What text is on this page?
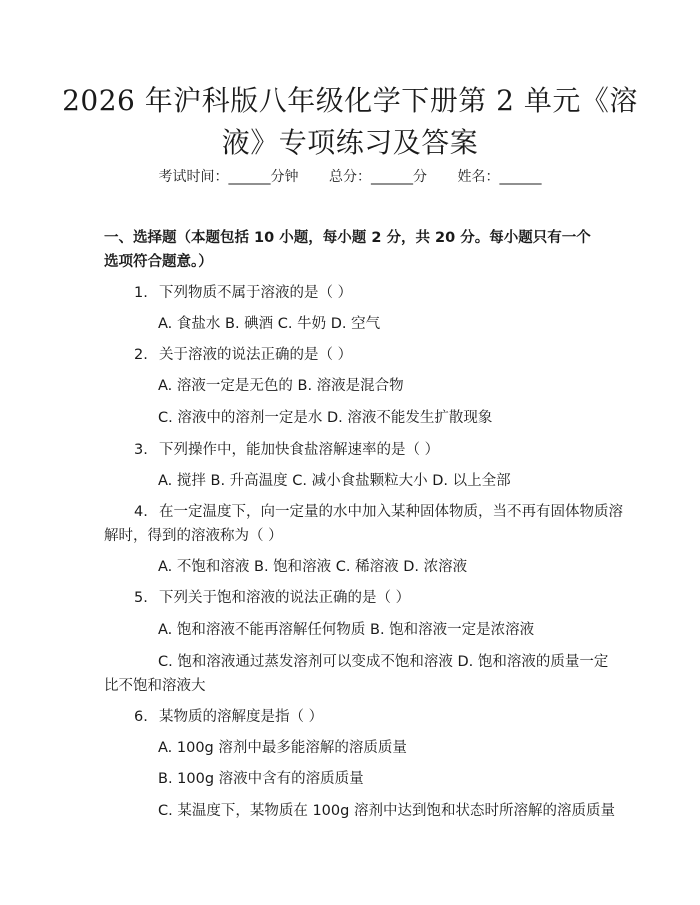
2026 年沪科版八年级化学下册第 2 单元《溶
液》专项练习及答案
考试时间：______分钟 总分：______分 姓名：______
一、选择题（本题包括 10 小题，每小题 2 分，共 20 分。每小题只有一个选项符合题意。）
1. 下列物质不属于溶液的是（ ）
A. 食盐水 B. 碘酒 C. 牛奶 D. 空气
2. 关于溶液的说法正确的是（ ）
A. 溶液一定是无色的 B. 溶液是混合物
C. 溶液中的溶剂一定是水 D. 溶液不能发生扩散现象
3. 下列操作中，能加快食盐溶解速率的是（ ）
A. 搅拌 B. 升高温度 C. 减小食盐颗粒大小 D. 以上全部
4. 在一定温度下，向一定量的水中加入某种固体物质，当不再有固体物质溶
解时，得到的溶液称为（ ）
A. 不饱和溶液 B. 饱和溶液 C. 稀溶液 D. 浓溶液
5. 下列关于饱和溶液的说法正确的是（ ）
A. 饱和溶液不能再溶解任何物质 B. 饱和溶液一定是浓溶液
C. 饱和溶液通过蒸发溶剂可以变成不饱和溶液 D. 饱和溶液的质量一定
比不饱和溶液大
6. 某物质的溶解度是指（ ）
A. 100g 溶剂中最多能溶解的溶质质量
B. 100g 溶液中含有的溶质质量
C. 某温度下，某物质在 100g 溶剂中达到饱和状态时所溶解的溶质质量
